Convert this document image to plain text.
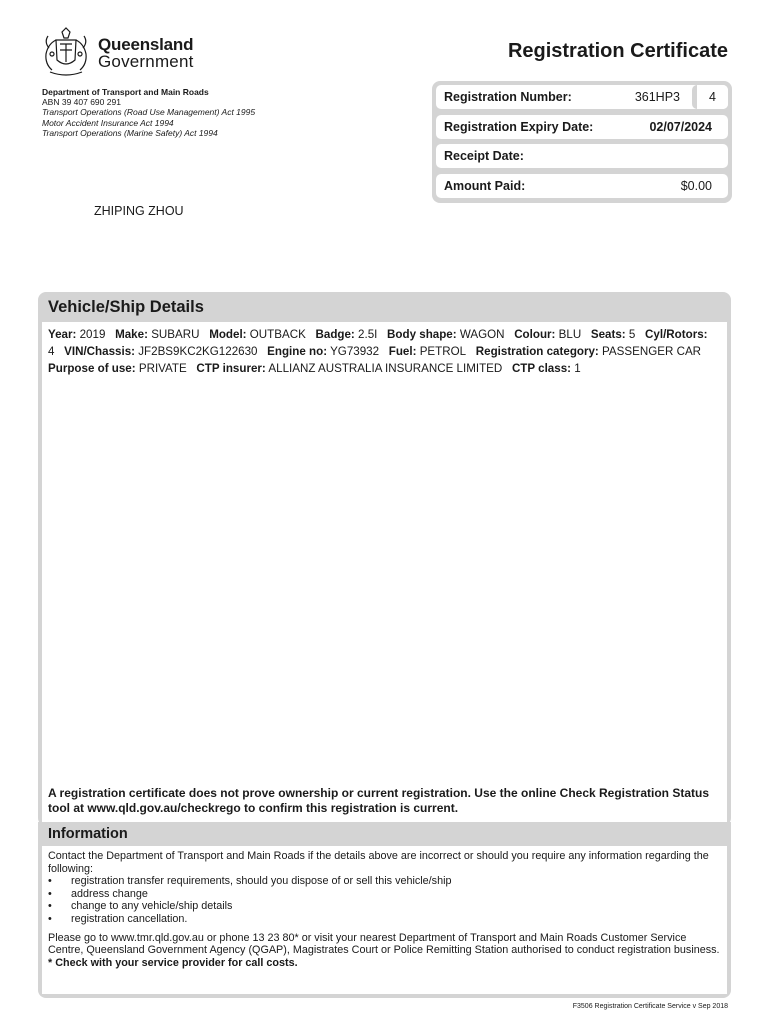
Queensland
Government
Department of Transport and Main Roads
ABN 39 407 690 291
Transport Operations (Road Use Management) Act 1995
Motor Accident Insurance Act 1994
Transport Operations (Marine Safety) Act 1994
Registration Certificate
Registration Number:	361HP3	4
Registration Expiry Date:	02/07/2024
Receipt Date:
Amount Paid:	$0.00
ZHIPING ZHOU
Vehicle/Ship Details
Year: 2019 Make: SUBARU Model: OUTBACK Badge: 2.5I Body shape: WAGON Colour: BLU Seats: 5 Cyl/Rotors: 4 VIN/Chassis: JF2BS9KC2KG122630 Engine no: YG73932 Fuel: PETROL Registration category: PASSENGER CAR   Purpose of use: PRIVATE CTP insurer: ALLIANZ AUSTRALIA INSURANCE LIMITED CTP class: 1
A registration certificate does not prove ownership or current registration. Use the online Check Registration Status tool at www.qld.gov.au/checkrego to confirm this registration is current.
Information

Contact the Department of Transport and Main Roads if the details above are incorrect or should you require any information regarding the following:

•	registration transfer requirements, should you dispose of or sell this vehicle/ship
•	address change
•	change to any vehicle/ship details
•	registration cancellation.

Please go to www.tmr.qld.gov.au or phone 13 23 80* or visit your nearest Department of Transport and Main Roads Customer Service Centre, Queensland Government Agency (QGAP), Magistrates Court or Police Remitting Station authorised to conduct registration business.

* Check with your service provider for call costs.

F3506 Registration Certificate Service v Sep 2018
